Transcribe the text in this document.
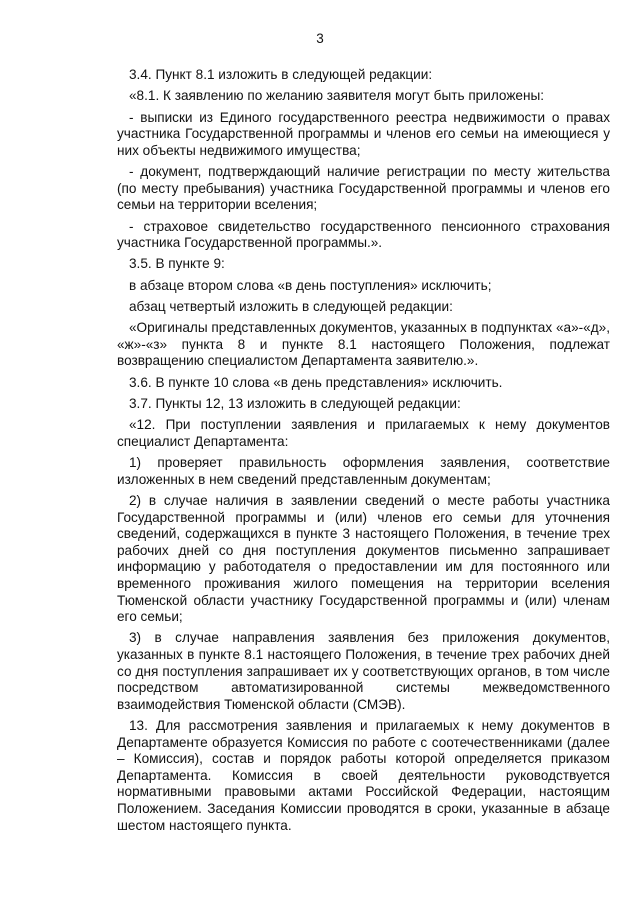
3

3.4. Пункт 8.1 изложить в следующей редакции:

«8.1. К заявлению по желанию заявителя могут быть приложены:

- выписки из Единого государственного реестра недвижимости о правах участника Государственной программы и членов его семьи на имеющиеся у них объекты недвижимого имущества;

- документ, подтверждающий наличие регистрации по месту жительства (по месту пребывания) участника Государственной программы и членов его семьи на территории вселения;

- страховое свидетельство государственного пенсионного страхования участника Государственной программы.».

3.5. В пункте 9:

в абзаце втором слова «в день поступления» исключить;

абзац четвертый изложить в следующей редакции:

«Оригиналы представленных документов, указанных в подпунктах «а»-«д», «ж»-«з» пункта 8 и пункте 8.1 настоящего Положения, подлежат возвращению специалистом Департамента заявителю.».

3.6. В пункте 10 слова «в день представления» исключить.

3.7. Пункты 12, 13 изложить в следующей редакции:

«12. При поступлении заявления и прилагаемых к нему документов специалист Департамента:

1) проверяет правильность оформления заявления, соответствие изложенных в нем сведений представленным документам;

2) в случае наличия в заявлении сведений о месте работы участника Государственной программы и (или) членов его семьи для уточнения сведений, содержащихся в пункте 3 настоящего Положения, в течение трех рабочих дней со дня поступления документов письменно запрашивает информацию у работодателя о предоставлении им для постоянного или временного проживания жилого помещения на территории вселения Тюменской области участнику Государственной программы и (или) членам его семьи;

3) в случае направления заявления без приложения документов, указанных в пункте 8.1 настоящего Положения, в течение трех рабочих дней со дня поступления запрашивает их у соответствующих органов, в том числе посредством автоматизированной системы межведомственного взаимодействия Тюменской области (СМЭВ).

13. Для рассмотрения заявления и прилагаемых к нему документов в Департаменте образуется Комиссия по работе с соотечественниками (далее – Комиссия), состав и порядок работы которой определяется приказом Департамента. Комиссия в своей деятельности руководствуется нормативными правовыми актами Российской Федерации, настоящим Положением. Заседания Комиссии проводятся в сроки, указанные в абзаце шестом настоящего пункта.
